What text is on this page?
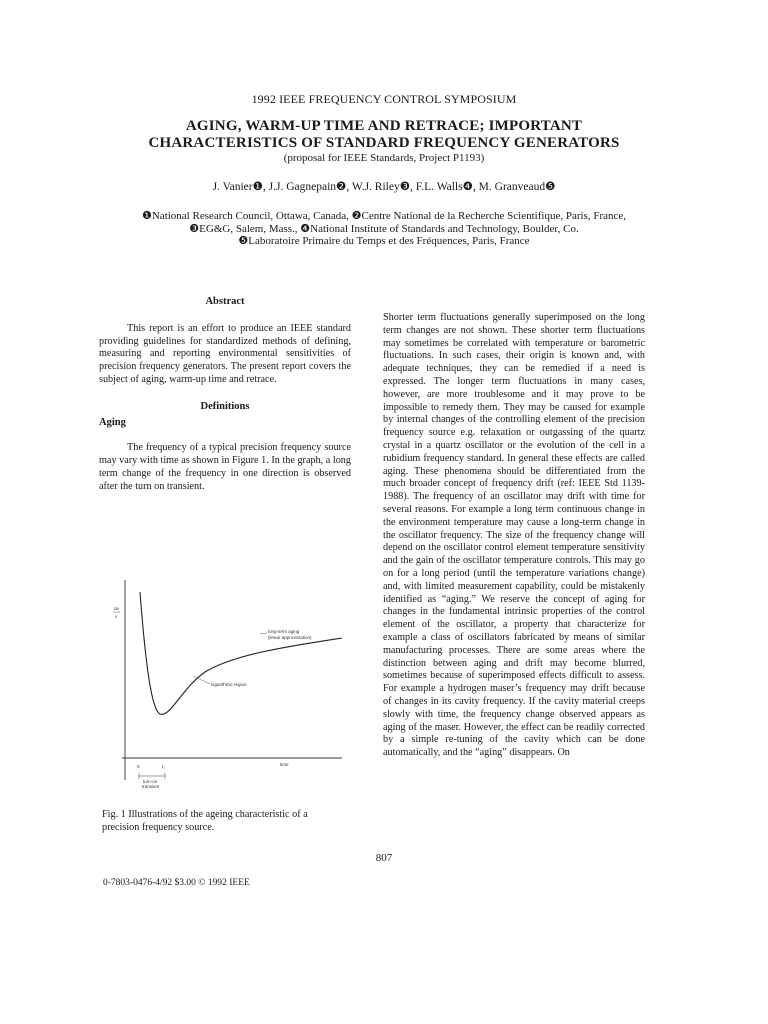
1992 IEEE FREQUENCY CONTROL SYMPOSIUM
AGING, WARM-UP TIME AND RETRACE; IMPORTANT
CHARACTERISTICS OF STANDARD FREQUENCY GENERATORS
(proposal for IEEE Standards, Project P1193)
J. Vanier❶, J.J. Gagnepain❷, W.J. Riley❸, F.L. Walls❹, M. Granveaud❺
❶National Research Council, Ottawa, Canada, ❷Centre National de la Recherche Scientifique, Paris, France,
❸EG&G, Salem, Mass., ❹National Institute of Standards and Technology, Boulder, Co.
❺Laboratoire Primaire du Temps et des Fréquences, Paris, France

Abstract

This report is an effort to produce an IEEE standard providing guidelines for standardized methods of defining, measuring and reporting environmental sensitivities of precision frequency generators. The present report covers the subject of aging, warm-up time and retrace.

Definitions

Aging

The frequency of a typical precision frequency source may vary with time as shown in Figure 1. In the graph, a long term change of the frequency in one direction is observed after the turn on transient.

Δν
ν
long-term aging
(linear approximation)
logarithmic region
0	t₁	time
turn-on
transient
Fig. 1 Illustrations of the ageing characteristic of a precision frequency source.

Shorter term fluctuations generally superimposed on the long term changes are not shown. These shorter term fluctuations may sometimes be correlated with temperature or barometric fluctuations. In such cases, their origin is known and, with adequate techniques, they can be remedied if a need is expressed. The longer term fluctuations in many cases, however, are more troublesome and it may prove to be impossible to remedy them. They may be caused for example by internal changes of the controlling element of the precision frequency source e.g. relaxation or outgassing of the quartz crystal in a quartz oscillator or the evolution of the cell in a rubidium frequency standard. In general these effects are called aging. These phenomena should be differentiated from the much broader concept of frequency drift (ref: IEEE Std 1139-1988). The frequency of an oscillator may drift with time for several reasons. For example a long term continuous change in the environment temperature may cause a long-term change in the oscillator frequency. The size of the frequency change will depend on the oscillator control element temperature sensitivity and the gain of the oscillator temperature controls. This may go on for a long period (until the temperature variations change) and, with limited measurement capability, could be mistakenly identified as “aging.” We reserve the concept of aging for changes in the fundamental intrinsic properties of the control element of the oscillator, a property that characterize for example a class of oscillators fabricated by means of similar manufacturing processes. There are some areas where the distinction between aging and drift may become blurred, sometimes because of superimposed effects difficult to assess. For example a hydrogen maser’s frequency may drift because of changes in its cavity frequency. If the cavity material creeps slowly with time, the frequency change observed appears as aging of the maser. However, the effect can be readily corrected by a simple re-tuning of the cavity which can be done automatically, and the “aging” disappears. On

807
0-7803-0476-4/92 $3.00 © 1992 IEEE
